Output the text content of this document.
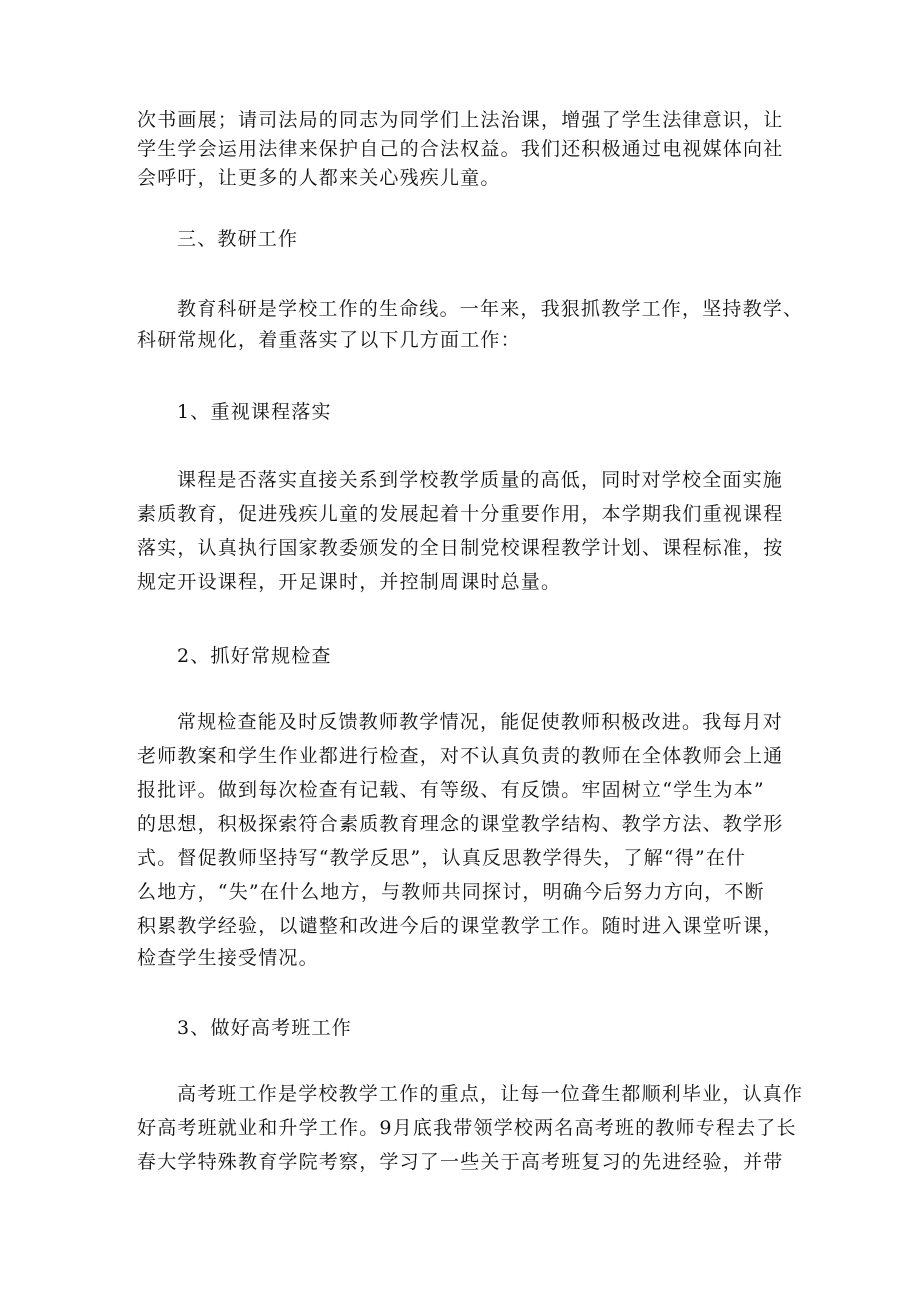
次书画展；请司法局的同志为同学们上法治课，增强了学生法律意识，让
学生学会运用法律来保护自己的合法权益。我们还积极通过电视媒体向社
会呼吁，让更多的人都来关心残疾儿童。
三、教研工作
教育科研是学校工作的生命线。一年来，我狠抓教学工作，坚持教学、
科研常规化，着重落实了以下几方面工作：
1、重视课程落实
课程是否落实直接关系到学校教学质量的高低，同时对学校全面实施
素质教育，促进残疾儿童的发展起着十分重要作用，本学期我们重视课程
落实，认真执行国家教委颁发的全日制党校课程教学计划、课程标准，按
规定开设课程，开足课时，并控制周课时总量。
2、抓好常规检查
常规检查能及时反馈教师教学情况，能促使教师积极改进。我每月对
老师教案和学生作业都进行检查，对不认真负责的教师在全体教师会上通
报批评。做到每次检查有记载、有等级、有反馈。牢固树立“学生为本”
的思想，积极探索符合素质教育理念的课堂教学结构、教学方法、教学形
式。督促教师坚持写“教学反思”，认真反思教学得失，了解“得”在什
么地方，“失”在什么地方，与教师共同探讨，明确今后努力方向，不断
积累教学经验，以谴整和改进今后的课堂教学工作。随时进入课堂听课，
检查学生接受情况。
3、做好高考班工作
高考班工作是学校教学工作的重点，让每一位聋生都顺利毕业，认真作
好高考班就业和升学工作。9月底我带领学校两名高考班的教师专程去了长
春大学特殊教育学院考察，学习了一些关于高考班复习的先进经验，并带
